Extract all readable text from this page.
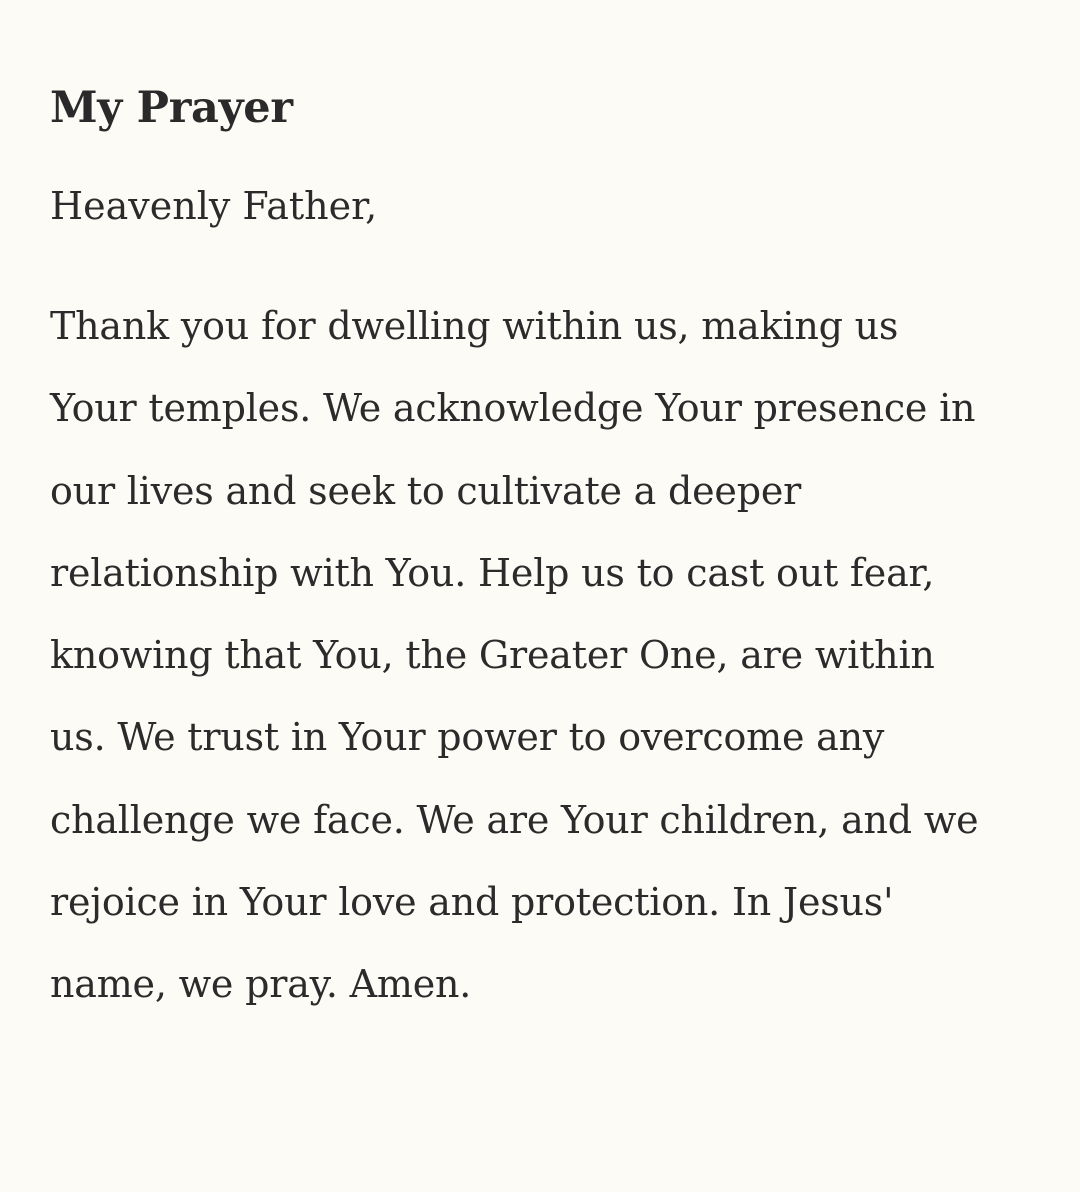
My Prayer

Heavenly Father,

Thank you for dwelling within us, making us
Your temples. We acknowledge Your presence in
our lives and seek to cultivate a deeper
relationship with You. Help us to cast out fear,
knowing that You, the Greater One, are within
us. We trust in Your power to overcome any
challenge we face. We are Your children, and we
rejoice in Your love and protection. In Jesus'
name, we pray. Amen.
